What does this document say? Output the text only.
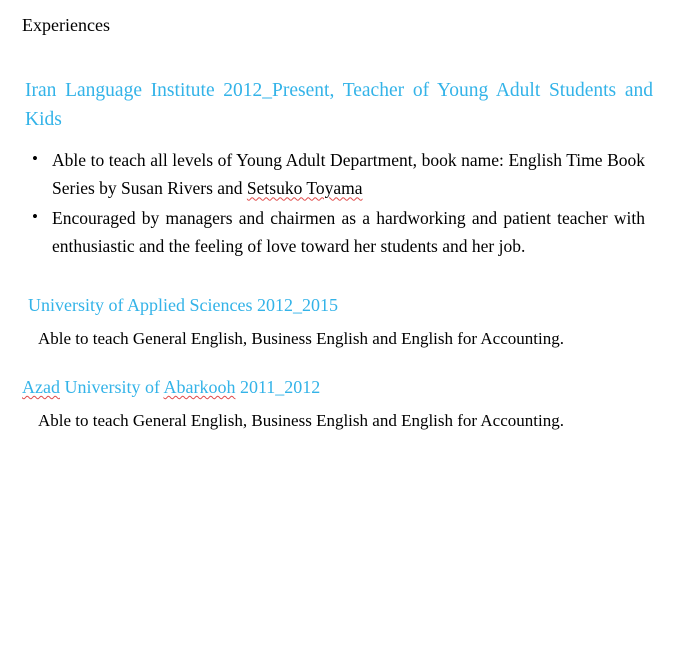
Experiences
Iran Language Institute 2012_Present, Teacher of Young Adult Students and Kids
• Able to teach all levels of Young Adult Department, book name: English Time Book Series by Susan Rivers and Setsuko Toyama
• Encouraged by managers and chairmen as a hardworking and patient teacher with enthusiastic and the feeling of love toward her students and her job.
University of Applied Sciences 2012_2015
Able to teach General English, Business English and English for Accounting.
Azad University of Abarkooh 2011_2012
Able to teach General English, Business English and English for Accounting.
